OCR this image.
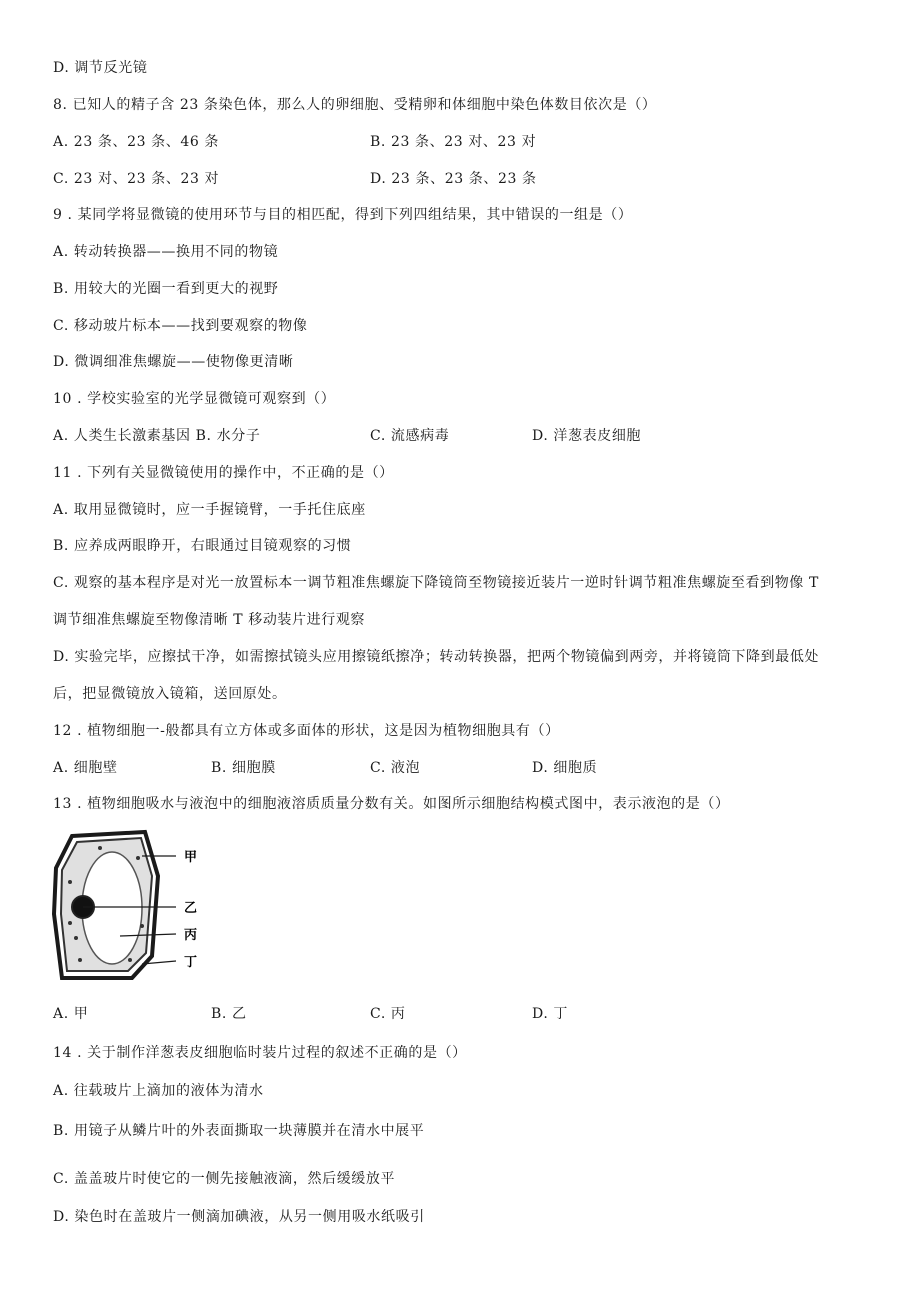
D. 调节反光镜
8. 已知人的精子含 23 条染色体，那么人的卵细胞、受精卵和体细胞中染色体数目依次是（）
A. 23 条、23 条、46 条	B. 23 条、23 对、23 对
C. 23 对、23 条、23 对	D. 23 条、23 条、23 条
9 . 某同学将显微镜的使用环节与目的相匹配，得到下列四组结果，其中错误的一组是（）
A. 转动转换器——换用不同的物镜
B. 用较大的光圈一看到更大的视野
C. 移动玻片标本——找到要观察的物像
D. 微调细准焦螺旋——使物像更清晰
10 . 学校实验室的光学显微镜可观察到（）
A. 人类生长激素基因 B. 水分子	C. 流感病毒	D. 洋葱表皮细胞
11 . 下列有关显微镜使用的操作中，不正确的是（）
A. 取用显微镜时，应一手握镜臂，一手托住底座
B. 应养成两眼睁开，右眼通过目镜观察的习惯
C. 观察的基本程序是对光一放置标本一调节粗准焦螺旋下降镜筒至物镜接近装片一逆时针调节粗准焦螺旋至看到物像 T
调节细准焦螺旋至物像清晰 T 移动装片进行观察
D. 实验完毕，应擦拭干净，如需擦拭镜头应用擦镜纸擦净；转动转换器，把两个物镜偏到两旁，并将镜筒下降到最低处
后，把显微镜放入镜箱，送回原处。
12 . 植物细胞一-般都具有立方体或多面体的形状，这是因为植物细胞具有（）
A. 细胞壁	B. 细胞膜	C. 液泡	D. 细胞质
13 . 植物细胞吸水与液泡中的细胞液溶质质量分数有关。如图所示细胞结构模式图中，表示液泡的是（）
甲
乙
丙
丁
A. 甲	B. 乙	C. 丙	D. 丁
14 . 关于制作洋葱表皮细胞临时装片过程的叙述不正确的是（）
A. 往载玻片上滴加的液体为清水
B. 用镜子从鳞片叶的外表面撕取一块薄膜并在清水中展平
C. 盖盖玻片时使它的一侧先接触液滴，然后缓缓放平
D. 染色时在盖玻片一侧滴加碘液，从另一侧用吸水纸吸引
